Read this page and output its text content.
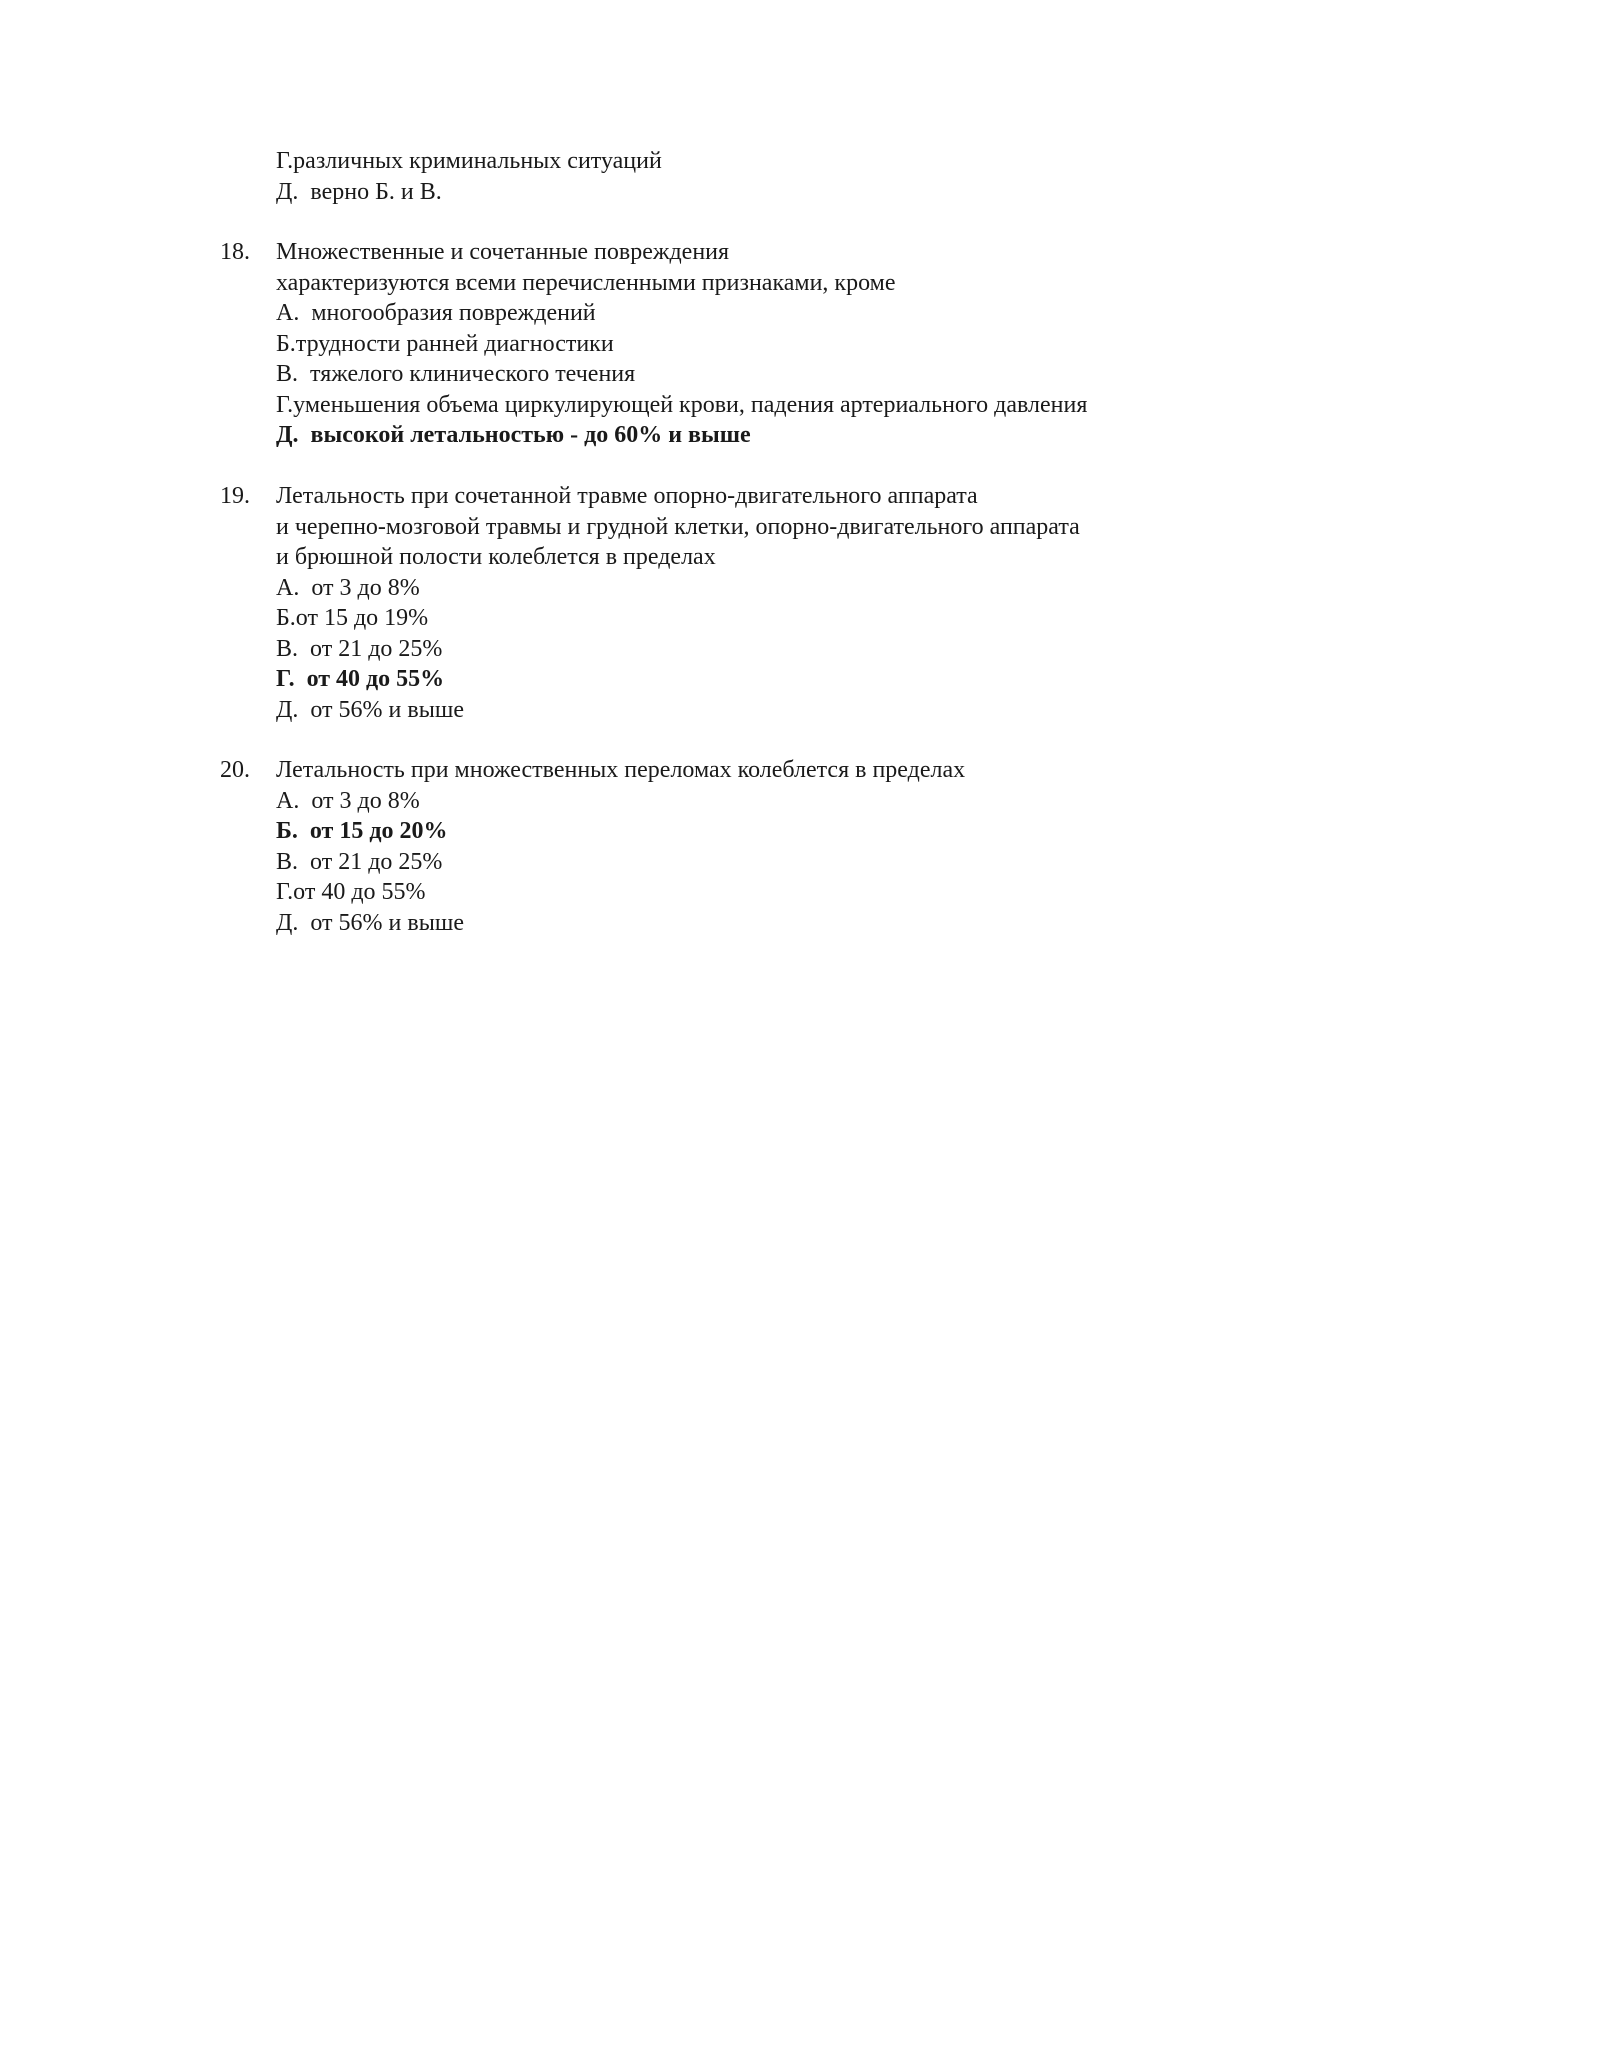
Г.различных криминальных ситуаций
Д. верно Б. и В.
18. Множественные и сочетанные повреждения
характеризуются всеми перечисленными признаками, кроме
А. многообразия повреждений
Б.трудности ранней диагностики
В. тяжелого клинического течения
Г.уменьшения объема циркулирующей крови, падения артериального давления
Д. высокой летальностью - до 60% и выше
19. Летальность при сочетанной травме опорно-двигательного аппарата
и черепно-мозговой травмы и грудной клетки, опорно-двигательного аппарата
и брюшной полости колеблется в пределах
А. от 3 до 8%
Б.от 15 до 19%
В. от 21 до 25%
Г. от 40 до 55%
Д. от 56% и выше
20. Летальность при множественных переломах колеблется в пределах
А. от 3 до 8%
Б. от 15 до 20%
В. от 21 до 25%
Г.от 40 до 55%
Д. от 56% и выше
